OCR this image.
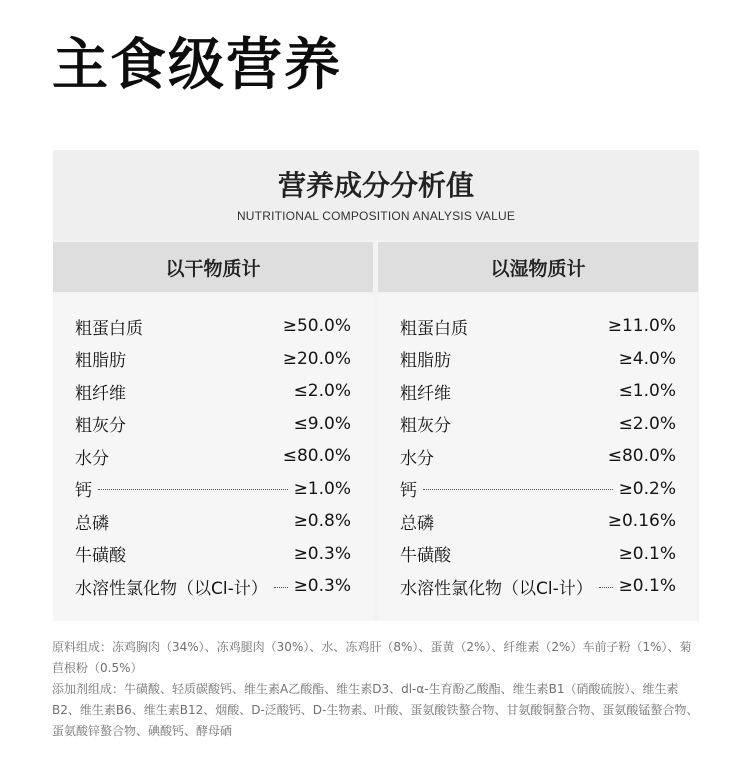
主食级营养
营养成分分析值
NUTRITIONAL COMPOSITION ANALYSIS VALUE
以干物质计	以湿物质计
粗蛋白质	≥50.0%
粗脂肪	≥20.0%
粗纤维	≤2.0%
粗灰分	≤9.0%
水分	≤80.0%
钙	≥1.0%
总磷	≥0.8%
牛磺酸	≥0.3%
水溶性氯化物（以Cl-计） ≥0.3%
粗蛋白质	≥11.0%
粗脂肪	≥4.0%
粗纤维	≤1.0%
粗灰分	≤2.0%
水分	≤80.0%
钙	≥0.2%
总磷	≥0.16%
牛磺酸	≥0.1%
水溶性氯化物（以Cl-计） ≥0.1%

原料组成：冻鸡胸肉（34%）、冻鸡腿肉（30%）、水、冻鸡肝（8%）、蛋黄（2%）、纤维素（2%）车前子粉（1%）、菊苣根粉（0.5%）

添加剂组成：牛磺酸、轻质碳酸钙、维生素A乙酸酯、维生素D3、dl-α-生育酚乙酸酯、维生素B1（硝酸硫胺）、维生素B2、维生素B6、维生素B12、烟酸、D-泛酸钙、D-生物素、叶酸、蛋氨酸铁螯合物、甘氨酸铜螯合物、蛋氨酸锰螯合物、蛋氨酸锌螯合物、碘酸钙、酵母硒
